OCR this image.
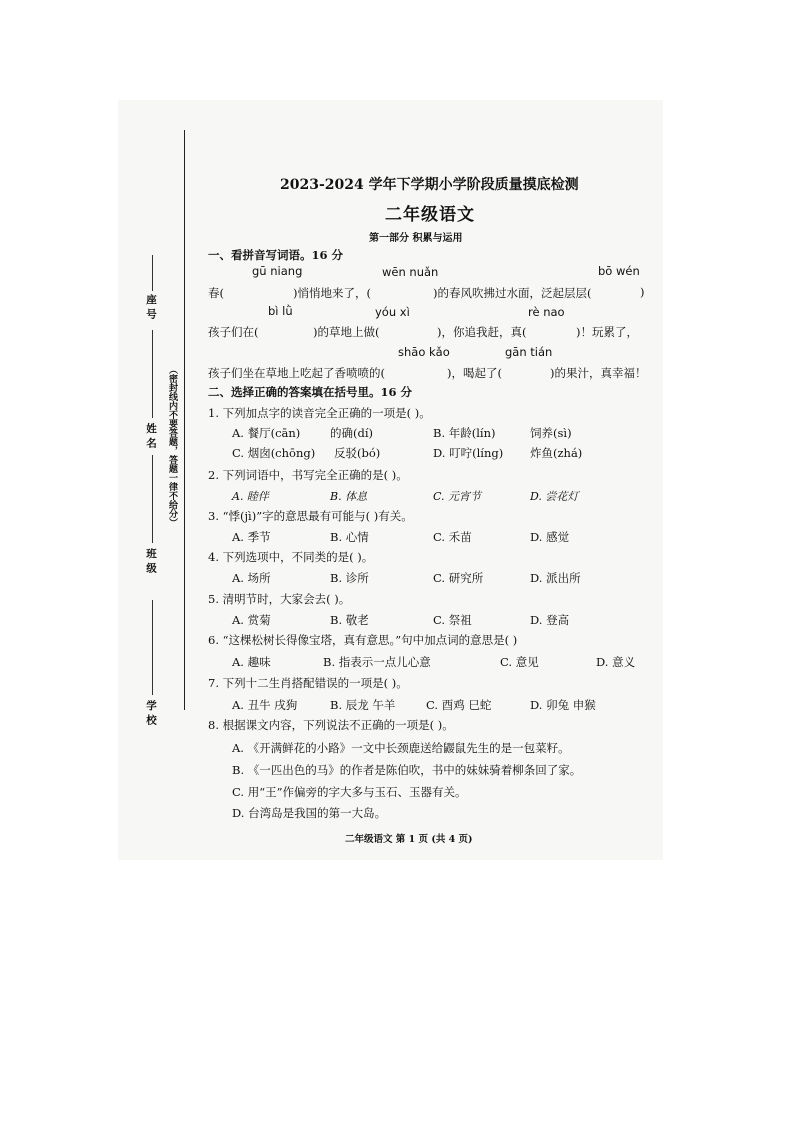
座 号
姓 名
班 级
学 校
（密封线内不要答题，答题一律不给分）
2023-2024 学年下学期小学阶段质量摸底检测
二年级语文
第一部分 积累与运用
一、看拼音写词语。16 分
gū niang	wēn nuǎn	bō wén
春(	)悄悄地来了，(	)的春风吹拂过水面，泛起层层(	)
bì lǜ	yóu xì	rè nao
孩子们在(	)的草地上做(	)，你追我赶，真(	)！玩累了，
shāo kǎo	gān tián
孩子们坐在草地上吃起了香喷喷的(	)，喝起了(	)的果汁，真幸福！
二、选择正确的答案填在括号里。16 分
1. 下列加点字的读音完全正确的一项是( )。
A. 餐厅(cān)	的确(dí)	B. 年龄(lín)	饲养(sì)
C. 烟囱(chōng) 反驳(bó)	D. 叮咛(líng) 炸鱼(zhá)
2. 下列词语中，书写完全正确的是( )。
A. 睦伴	B. 体息	C. 元宵节	D. 尝花灯
3. “悸(jì)”字的意思最有可能与( )有关。
A. 季节	B. 心情	C. 禾苗	D. 感觉
4. 下列选项中，不同类的是( )。
A. 场所	B. 诊所	C. 研究所	D. 派出所
5. 清明节时，大家会去( )。
A. 赏菊	B. 敬老	C. 祭祖	D. 登高
6. “这棵松树长得像宝塔，真有意思。”句中加点词的意思是( )
A. 趣味	B. 指表示一点儿心意	C. 意见	D. 意义
7. 下列十二生肖搭配错误的一项是( )。
A. 丑牛 戌狗	B. 辰龙 午羊	C. 酉鸡 巳蛇	D. 卯兔 申猴
8. 根据课文内容，下列说法不正确的一项是( )。
A. 《开满鲜花的小路》一文中长颈鹿送给鼹鼠先生的是一包菜籽。
B. 《一匹出色的马》的作者是陈伯吹，书中的妹妹骑着柳条回了家。
C. 用“王”作偏旁的字大多与玉石、玉器有关。
D. 台湾岛是我国的第一大岛。
二年级语文 第 1 页 (共 4 页)
